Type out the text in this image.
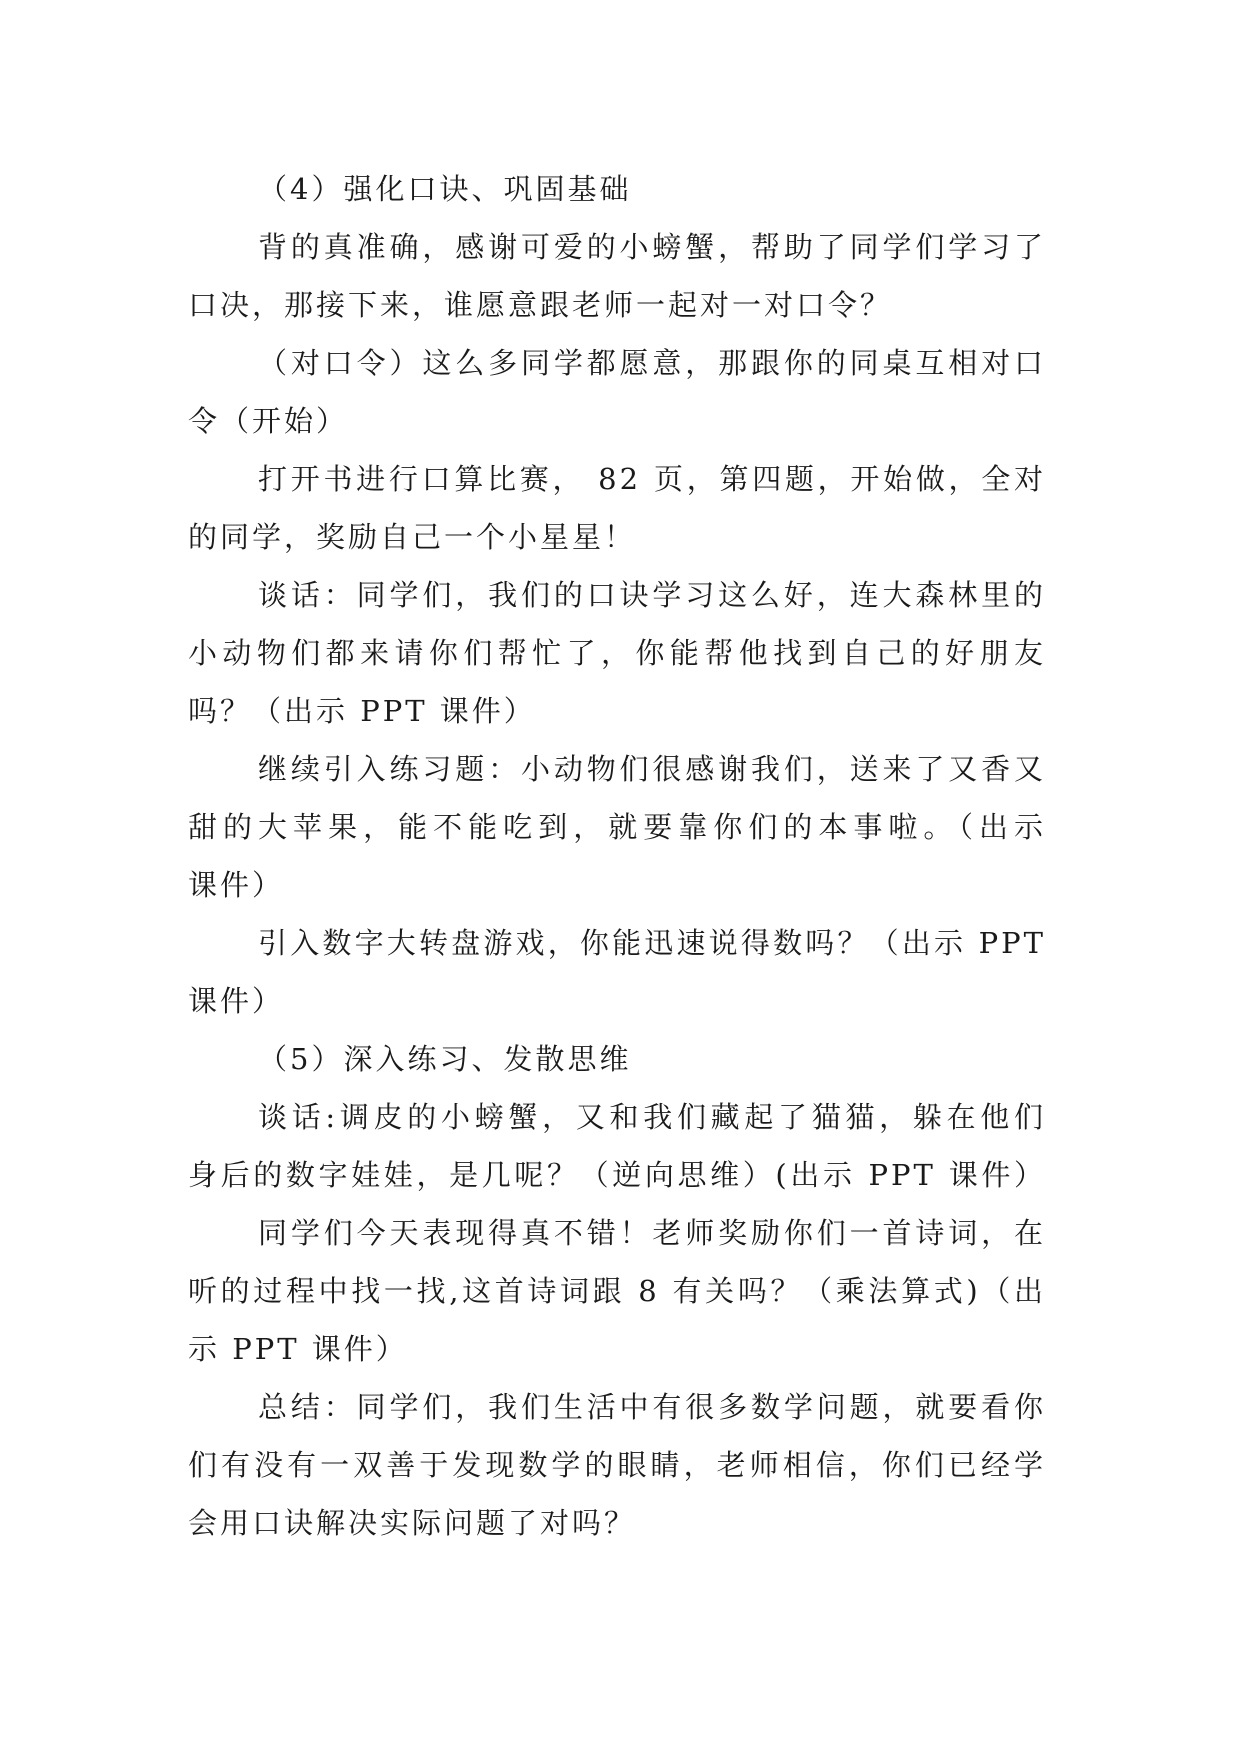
（4）强化口诀、巩固基础
背的真准确，感谢可爱的小螃蟹，帮助了同学们学习了
口决，那接下来，谁愿意跟老师一起对一对口令？
（对口令）这么多同学都愿意，那跟你的同桌互相对口
令（开始）
打开书进行口算比赛， 82 页，第四题，开始做，全对
的同学，奖励自己一个小星星！
谈话：同学们，我们的口诀学习这么好，连大森林里的
小动物们都来请你们帮忙了，你能帮他找到自己的好朋友
吗？（出示 PPT 课件）
继续引入练习题：小动物们很感谢我们，送来了又香又
甜的大苹果，能不能吃到，就要靠你们的本事啦。（出示
课件）
引入数字大转盘游戏，你能迅速说得数吗？（出示 PPT
课件）
（5）深入练习、发散思维
谈话:调皮的小螃蟹，又和我们藏起了猫猫，躲在他们
身后的数字娃娃，是几呢？（逆向思维）(出示 PPT 课件）
同学们今天表现得真不错！老师奖励你们一首诗词，在
听的过程中找一找,这首诗词跟 8 有关吗？（乘法算式)（出
示 PPT 课件）
总结：同学们，我们生活中有很多数学问题，就要看你
们有没有一双善于发现数学的眼睛，老师相信，你们已经学
会用口诀解决实际问题了对吗？
